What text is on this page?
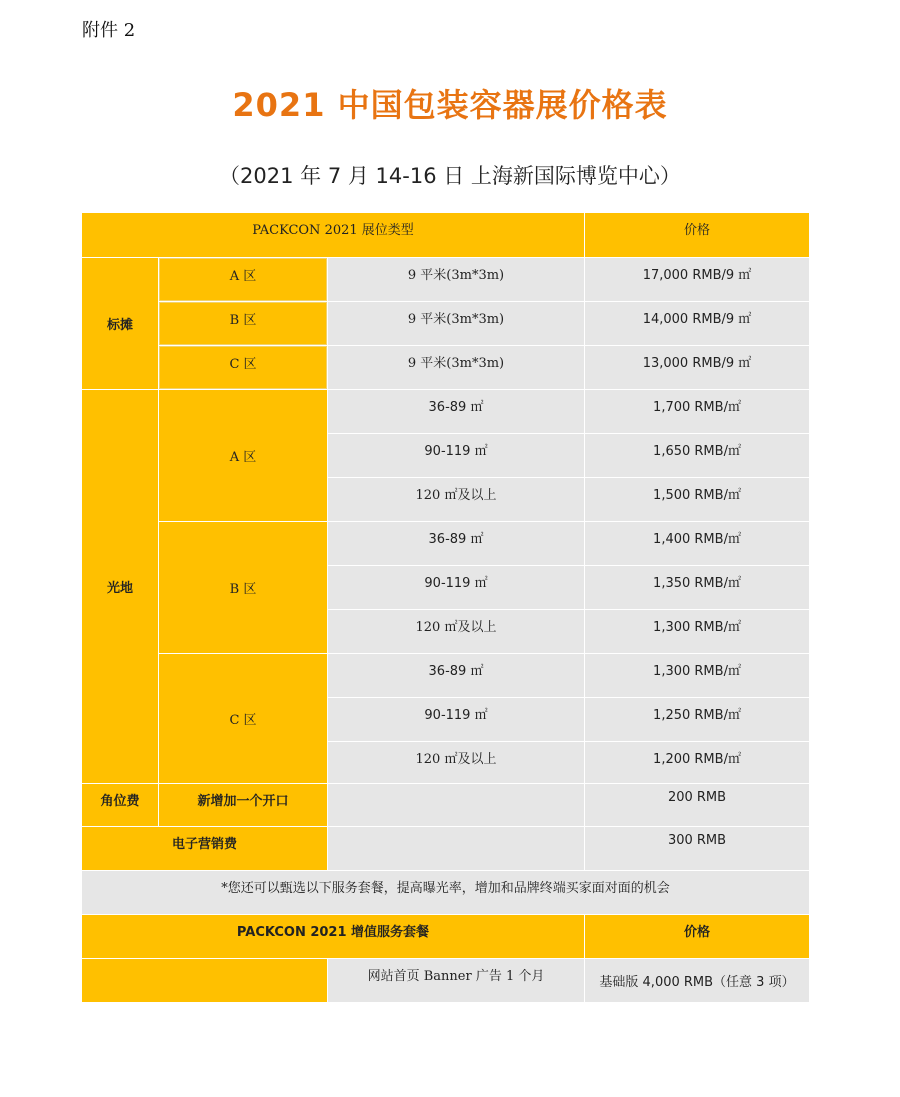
附件 2
2021 中国包装容器展价格表
（2021 年 7 月 14-16 日 上海新国际博览中心）
PACKCON 2021 展位类型	价格
标摊
A 区	9 平米(3m*3m)	17,000 RMB/9 ㎡
B 区	9 平米(3m*3m)	14,000 RMB/9 ㎡
C 区	9 平米(3m*3m)	13,000 RMB/9 ㎡
光地
A 区
36-89 ㎡	1,700 RMB/㎡
90-119 ㎡	1,650 RMB/㎡
120 ㎡及以上	1,500 RMB/㎡
B 区
36-89 ㎡	1,400 RMB/㎡
90-119 ㎡	1,350 RMB/㎡
120 ㎡及以上	1,300 RMB/㎡
C 区
36-89 ㎡	1,300 RMB/㎡
90-119 ㎡	1,250 RMB/㎡
120 ㎡及以上	1,200 RMB/㎡
角位费	新增加一个开口	200 RMB
电子营销费	300 RMB
*您还可以甄选以下服务套餐，提高曝光率，增加和品牌终端买家面对面的机会
PACKCON 2021 增值服务套餐	价格
网站首页 Banner 广告 1 个月	基础版 4,000 RMB（任意 3 项）
